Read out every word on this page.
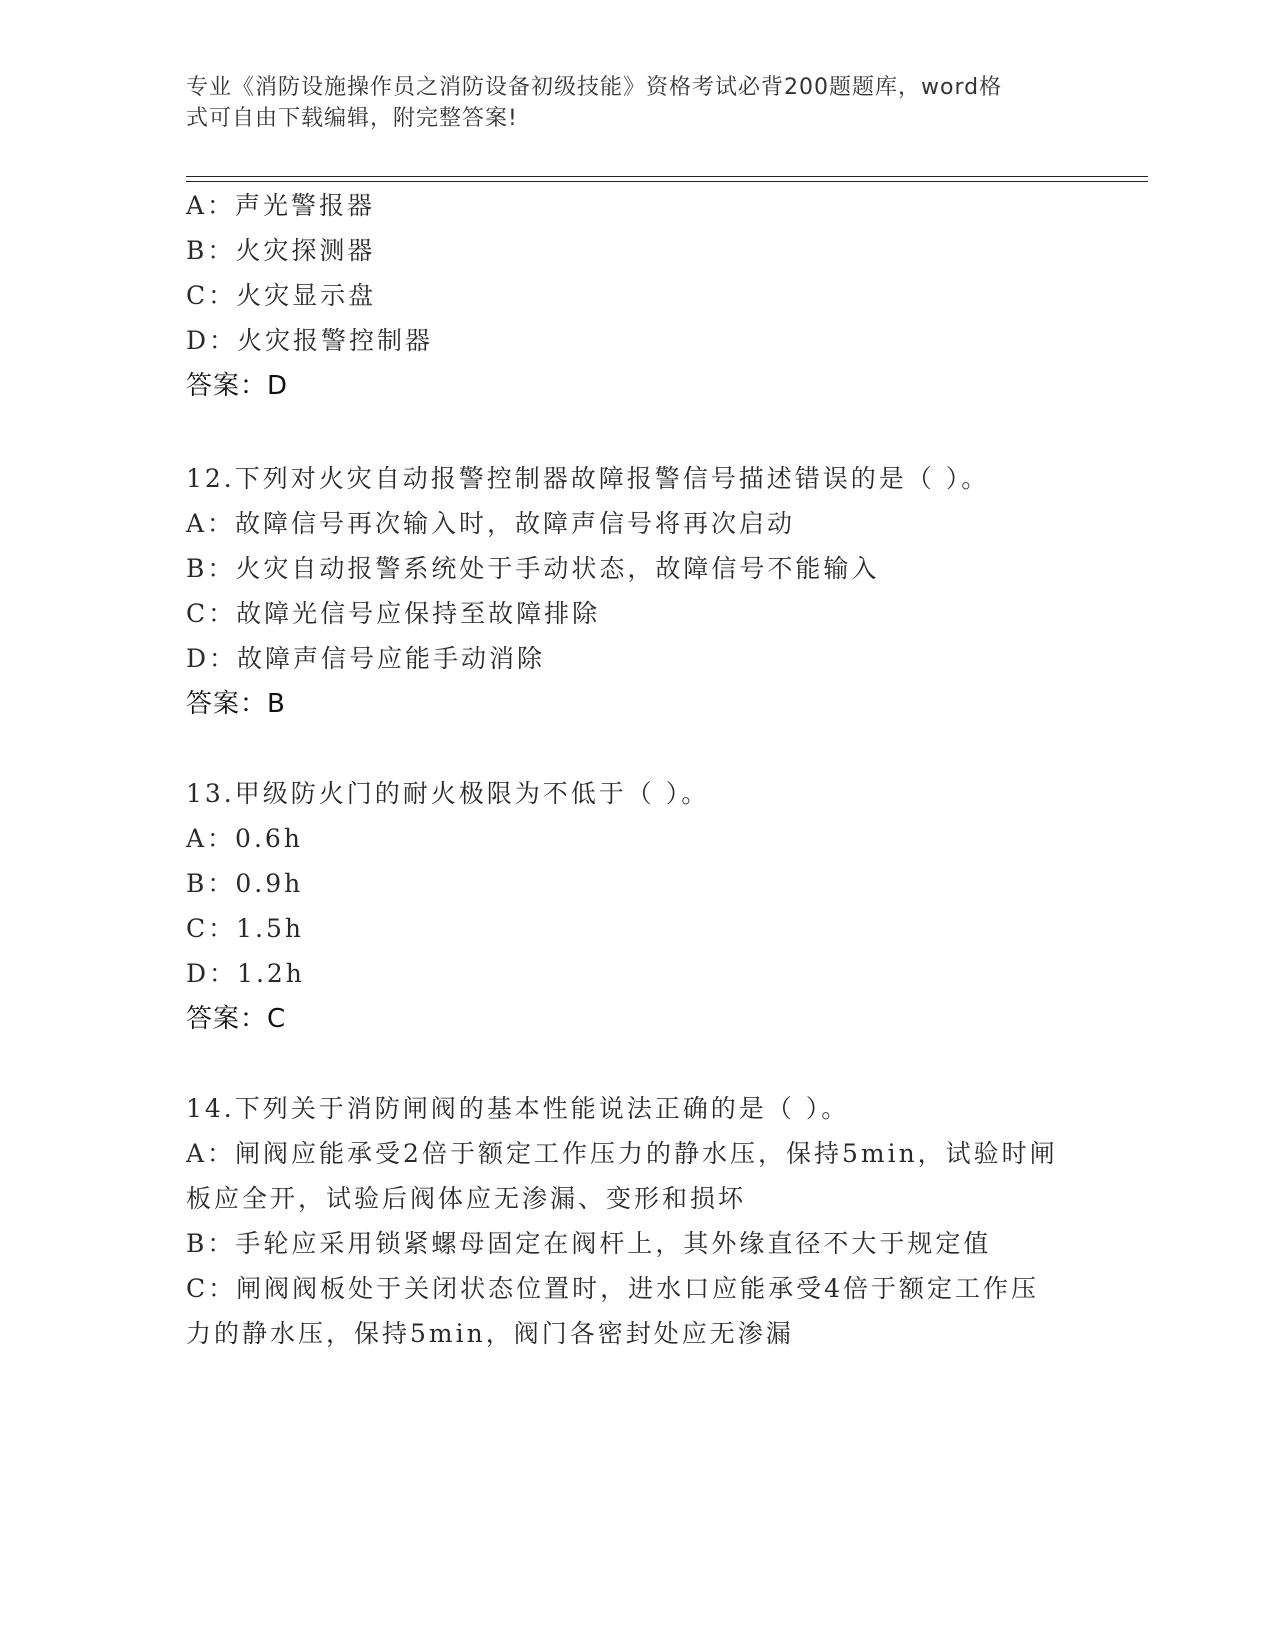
专业《消防设施操作员之消防设备初级技能》资格考试必背200题题库，word格
式可自由下载编辑，附完整答案!
A：声光警报器
B：火灾探测器
C：火灾显示盘
D：火灾报警控制器
答案：D
12.下列对火灾自动报警控制器故障报警信号描述错误的是（ ）。
A：故障信号再次输入时，故障声信号将再次启动
B：火灾自动报警系统处于手动状态，故障信号不能输入
C：故障光信号应保持至故障排除
D：故障声信号应能手动消除
答案：B
13.甲级防火门的耐火极限为不低于（ ）。
A：0.6h
B：0.9h
C：1.5h
D：1.2h
答案：C
14.下列关于消防闸阀的基本性能说法正确的是（ ）。
A：闸阀应能承受2倍于额定工作压力的静水压，保持5min，试验时闸
板应全开，试验后阀体应无渗漏、变形和损坏
B：手轮应采用锁紧螺母固定在阀杆上，其外缘直径不大于规定值
C：闸阀阀板处于关闭状态位置时，进水口应能承受4倍于额定工作压
力的静水压，保持5min，阀门各密封处应无渗漏
